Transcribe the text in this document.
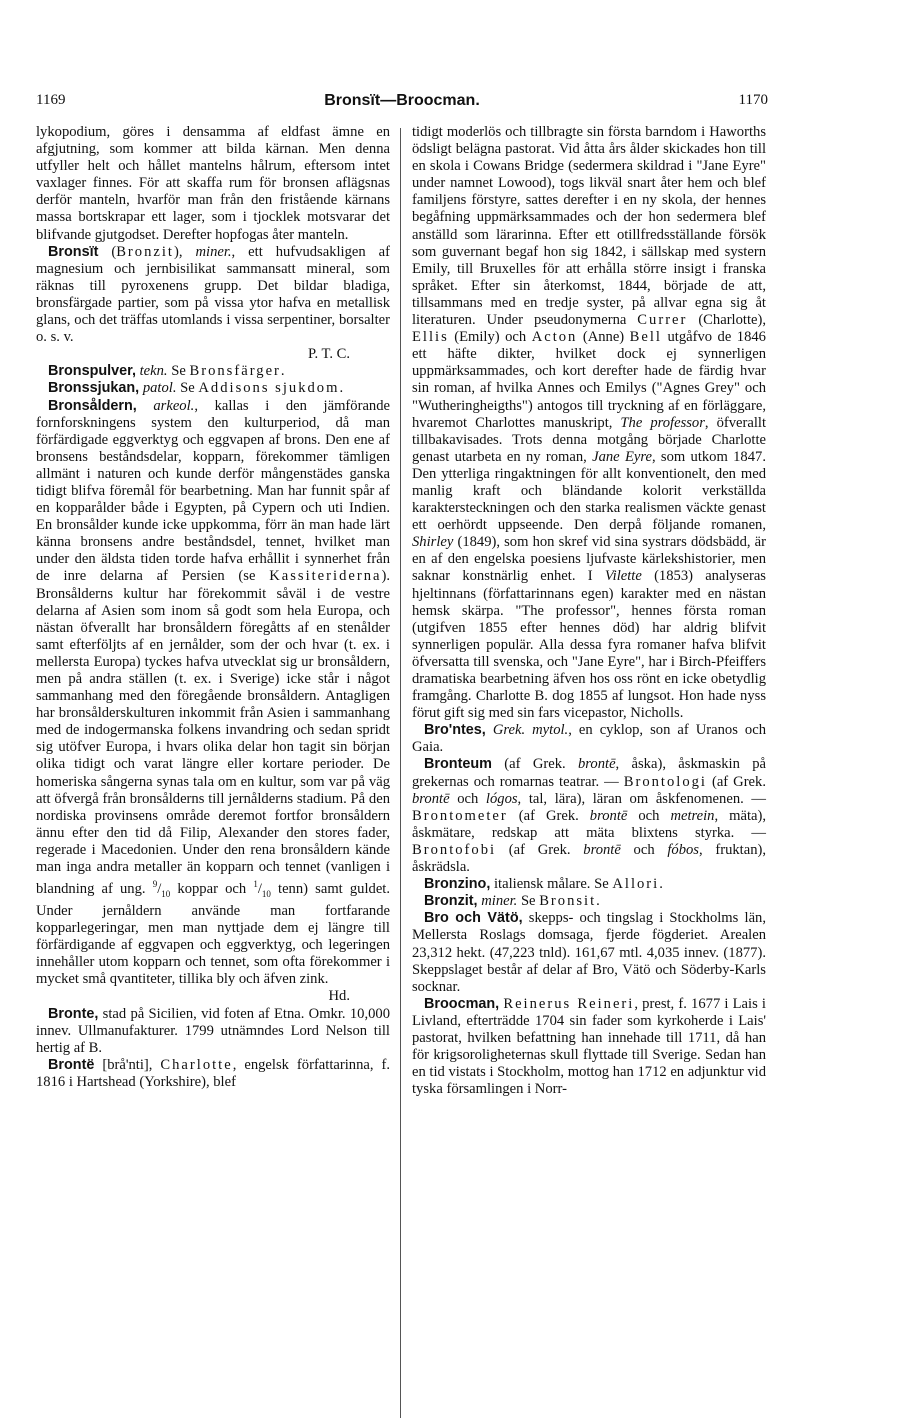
1169	Bronsït—Broocman.	1170

lykopodium, göres i densamma af eldfast ämne en afgjutning, som kommer att bilda kärnan. Men denna utfyller helt och hållet mantelns hålrum, eftersom intet vaxlager finnes. För att skaffa rum för bronsen aflägsnas derför manteln, hvarför man från den fristående kärnans massa bortskrapar ett lager, som i tjocklek motsvarar det blifvande gjutgodset. Derefter hopfogas åter manteln.

Bronsït (Bronzit), miner., ett hufvudsakligen af magnesium och jernbisilikat sammansatt mineral, som räknas till pyroxenens grupp. Det bildar bladiga, bronsfärgade partier, som på vissa ytor hafva en metallisk glans, och det träffas utomlands i vissa serpentiner, borsalter o. s. v.

P. T. C.

Bronspulver, tekn. Se Bronsfärger.

Bronssjukan, patol. Se Addisons sjukdom.

Bronsåldern, arkeol., kallas i den jämförande fornforskningens system den kulturperiod, då man förfärdigade eggverktyg och eggvapen af brons. Den ene af bronsens beståndsdelar, kopparn, förekommer tämligen allmänt i naturen och kunde derför mångenstädes ganska tidigt blifva föremål för bearbetning. Man har funnit spår af en kopparålder både i Egypten, på Cypern och uti Indien. En bronsålder kunde icke uppkomma, förr än man hade lärt känna bronsens andre beståndsdel, tennet, hvilket man under den äldsta tiden torde hafva erhållit i synnerhet från de inre delarna af Persien (se Kassiteriderna). Bronsålderns kultur har förekommit såväl i de vestre delarna af Asien som inom så godt som hela Europa, och nästan öfverallt har bronsåldern föregåtts af en stenålder samt efterföljts af en jernålder, som der och hvar (t. ex. i mellersta Europa) tyckes hafva utvecklat sig ur bronsåldern, men på andra ställen (t. ex. i Sverige) icke står i något sammanhang med den föregående bronsåldern. Antagligen har bronsålderskulturen inkommit från Asien i sammanhang med de indogermanska folkens invandring och sedan spridt sig utöfver Europa, i hvars olika delar hon tagit sin början olika tidigt och varat längre eller kortare perioder. De homeriska sångerna synas tala om en kultur, som var på väg att öfvergå från bronsålderns till jernålderns stadium. På den nordiska provinsens område deremot fortfor bronsåldern ännu efter den tid då Filip, Alexander den stores fader, regerade i Macedonien. Under den rena bronsåldern kände man inga andra metaller än kopparn och tennet (vanligen i blandning af ung. $^9/_{10}$ koppar och $^1/_{10}$ tenn) samt guldet. Under jernåldern använde man fortfarande kopparlegeringar, men man nyttjade dem ej längre till förfärdigande af eggvapen och eggverktyg, och legeringen innehåller utom kopparn och tennet, som ofta förekommer i mycket små qvantiteter, tillika bly och äfven zink.

Hd.

Bronte, stad på Sicilien, vid foten af Etna. Omkr. 10,000 innev. Ullmanufakturer. 1799 utnämndes Lord Nelson till hertig af B.

Brontë [brå'nti], Charlotte, engelsk författarinna, f. 1816 i Hartshead (Yorkshire), blef

tidigt moderlös och tillbragte sin första barndom i Haworths ödsligt belägna pastorat. Vid åtta års ålder skickades hon till en skola i Cowans Bridge (sedermera skildrad i "Jane Eyre" under namnet Lowood), togs likväl snart åter hem och blef familjens förstyre, sattes derefter i en ny skola, der hennes begåfning uppmärksammades och der hon sedermera blef anställd som lärarinna. Efter ett otillfredsställande försök som guvernant begaf hon sig 1842, i sällskap med systern Emily, till Bruxelles för att erhålla större insigt i franska språket. Efter sin återkomst, 1844, började de att, tillsammans med en tredje syster, på allvar egna sig åt literaturen. Under pseudonymerna Currer (Charlotte), Ellis (Emily) och Acton (Anne) Bell utgåfvo de 1846 ett häfte dikter, hvilket dock ej synnerligen uppmärksammades, och kort derefter hade de färdig hvar sin roman, af hvilka Annes och Emilys ("Agnes Grey" och "Wutheringheigths") antogos till tryckning af en förläggare, hvaremot Charlottes manuskript, The professor, öfverallt tillbakavisades. Trots denna motgång började Charlotte genast utarbeta en ny roman, Jane Eyre, som utkom 1847. Den ytterliga ringaktningen för allt konventionelt, den med manlig kraft och bländande kolorit verkställda karaktersteckningen och den starka realismen väckte genast ett oerhördt uppseende. Den derpå följande romanen, Shirley (1849), som hon skref vid sina systrars dödsbädd, är en af den engelska poesiens ljufvaste kärlekshistorier, men saknar konstnärlig enhet. I Vilette (1853) analyseras hjeltinnans (författarinnans egen) karakter med en nästan hemsk skärpa. "The professor", hennes första roman (utgifven 1855 efter hennes död) har aldrig blifvit synnerligen populär. Alla dessa fyra romaner hafva blifvit öfversatta till svenska, och "Jane Eyre", har i Birch-Pfeiffers dramatiska bearbetning äfven hos oss rönt en icke obetydlig framgång. Charlotte B. dog 1855 af lungsot. Hon hade nyss förut gift sig med sin fars vicepastor, Nicholls.

Bro'ntes, Grek. mytol., en cyklop, son af Uranos och Gaia.

Bronteum (af Grek. brontē, åska), åskmaskin på grekernas och romarnas teatrar. — Brontologi (af Grek. brontē och lógos, tal, lära), läran om åskfenomenen. — Brontometer (af Grek. brontē och metrein, mäta), åskmätare, redskap att mäta blixtens styrka. — Brontofobi (af Grek. brontē och fóbos, fruktan), åskrädsla.

Bronzino, italiensk målare. Se Allori.

Bronzit, miner. Se Bronsit.

Bro och Vätö, skepps- och tingslag i Stockholms län, Mellersta Roslags domsaga, fjerde fögderiet. Arealen 23,312 hekt. (47,223 tnld). 161,67 mtl. 4,035 innev. (1877). Skeppslaget består af delar af Bro, Vätö och Söderby-Karls socknar.

Broocman, Reinerus Reineri, prest, f. 1677 i Lais i Livland, efterträdde 1704 sin fader som kyrkoherde i Lais' pastorat, hvilken befattning han innehade till 1711, då han för krigsoroligheternas skull flyttade till Sverige. Sedan han en tid vistats i Stockholm, mottog han 1712 en adjunktur vid tyska församlingen i Norr-
